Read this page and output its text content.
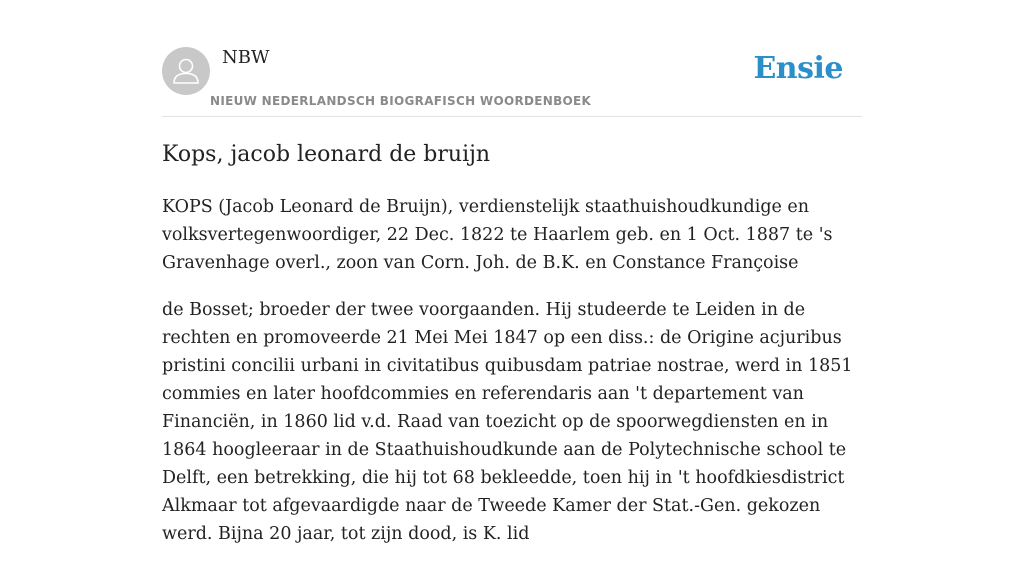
NBW
NIEUW NEDERLANDSCH BIOGRAFISCH WOORDENBOEK
Ensie
Kops, jacob leonard de bruijn

KOPS (Jacob Leonard de Bruijn), verdienstelijk staathuishoudkundige en volksvertegenwoordiger, 22 Dec. 1822 te Haarlem geb. en 1 Oct. 1887 te 's Gravenhage overl., zoon van Corn. Joh. de B.K. en Constance Françoise

de Bosset; broeder der twee voorgaanden. Hij studeerde te Leiden in de rechten en promoveerde 21 Mei Mei 1847 op een diss.: de Origine acjuribus pristini concilii urbani in civitatibus quibusdam patriae nostrae, werd in 1851 commies en later hoofdcommies en referendaris aan 't departement van Financiën, in 1860 lid v.d. Raad van toezicht op de spoorwegdiensten en in 1864 hoogleeraar in de Staathuishoudkunde aan de Polytechnische school te Delft, een betrekking, die hij tot 68 bekleedde, toen hij in 't hoofdkiesdistrict Alkmaar tot afgevaardigde naar de Tweede Kamer der Stat.-Gen. gekozen werd. Bijna 20 jaar, tot zijn dood, is K. lid
